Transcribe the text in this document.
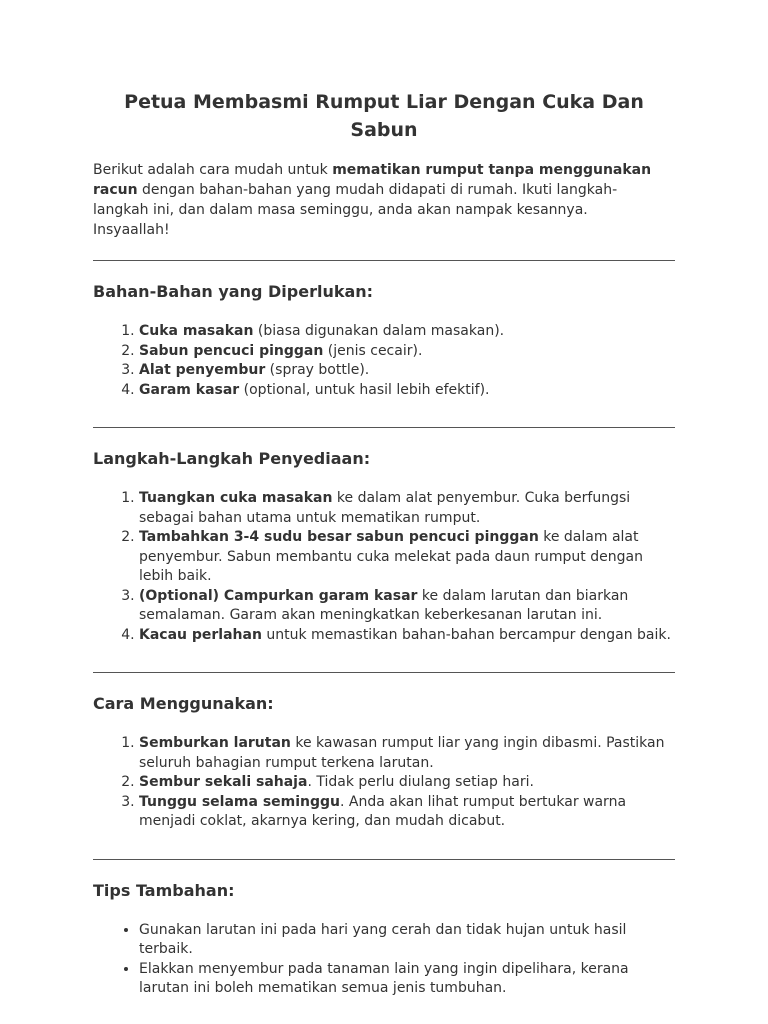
Petua Membasmi Rumput Liar Dengan Cuka Dan Sabun

Berikut adalah cara mudah untuk mematikan rumput tanpa menggunakan racun dengan bahan-bahan yang mudah didapati di rumah. Ikuti langkah-langkah ini, dan dalam masa seminggu, anda akan nampak kesannya. Insyaallah!

Bahan-Bahan yang Diperlukan:
1. Cuka masakan (biasa digunakan dalam masakan).
2. Sabun pencuci pinggan (jenis cecair).
3. Alat penyembur (spray bottle).
4. Garam kasar (optional, untuk hasil lebih efektif).
Langkah-Langkah Penyediaan:
1. Tuangkan cuka masakan ke dalam alat penyembur. Cuka berfungsi sebagai bahan utama untuk mematikan rumput.
2. Tambahkan 3-4 sudu besar sabun pencuci pinggan ke dalam alat penyembur. Sabun membantu cuka melekat pada daun rumput dengan lebih baik.
3. (Optional) Campurkan garam kasar ke dalam larutan dan biarkan semalaman. Garam akan meningkatkan keberkesanan larutan ini.
4. Kacau perlahan untuk memastikan bahan-bahan bercampur dengan baik.
Cara Menggunakan:
1. Semburkan larutan ke kawasan rumput liar yang ingin dibasmi. Pastikan seluruh bahagian rumput terkena larutan.
2. Sembur sekali sahaja. Tidak perlu diulang setiap hari.
3. Tunggu selama seminggu. Anda akan lihat rumput bertukar warna menjadi coklat, akarnya kering, dan mudah dicabut.
Tips Tambahan:
• Gunakan larutan ini pada hari yang cerah dan tidak hujan untuk hasil terbaik.
• Elakkan menyembur pada tanaman lain yang ingin dipelihara, kerana larutan ini boleh mematikan semua jenis tumbuhan.
